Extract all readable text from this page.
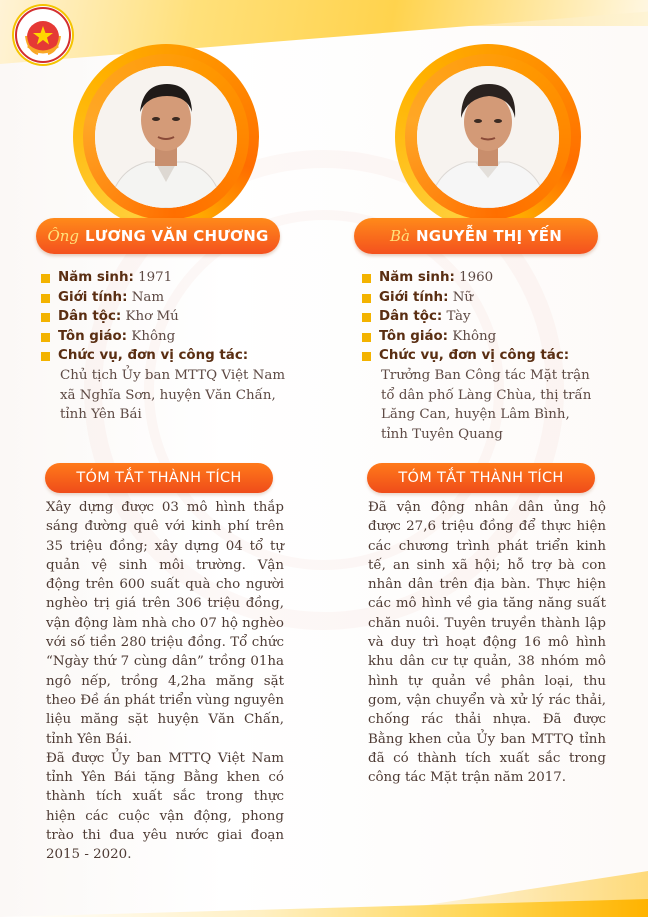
Ông LƯƠNG VĂN CHƯƠNG
Năm sinh: 1971
Giới tính: Nam
Dân tộc: Khơ Mú
Tôn giáo: Không
Chức vụ, đơn vị công tác:
Chủ tịch Ủy ban MTTQ Việt Nam
xã Nghĩa Sơn, huyện Văn Chấn,
tỉnh Yên Bái
TÓM TẮT THÀNH TÍCH

Xây dựng được 03 mô hình thắp sáng đường quê với kinh phí trên 35 triệu đồng; xây dựng 04 tổ tự quản vệ sinh môi trường. Vận động trên 600 suất quà cho người nghèo trị giá trên 306 triệu đồng, vận động làm nhà cho 07 hộ nghèo với số tiền 280 triệu đồng. Tổ chức “Ngày thứ 7 cùng dân” trồng 01ha ngô nếp, trồng 4,2ha măng sặt theo Đề án phát triển vùng nguyên liệu măng sặt huyện Văn Chấn, tỉnh Yên Bái.

Đã được Ủy ban MTTQ Việt Nam tỉnh Yên Bái tặng Bằng khen có thành tích xuất sắc trong thực hiện các cuộc vận động, phong trào thi đua yêu nước giai đoạn 2015 - 2020.

Bà NGUYỄN THỊ YẾN
Năm sinh: 1960
Giới tính: Nữ
Dân tộc: Tày
Tôn giáo: Không
Chức vụ, đơn vị công tác:
Trưởng Ban Công tác Mặt trận
tổ dân phố Làng Chùa, thị trấn
Lăng Can, huyện Lâm Bình,
tỉnh Tuyên Quang
TÓM TẮT THÀNH TÍCH

Đã vận động nhân dân ủng hộ được 27,6 triệu đồng để thực hiện các chương trình phát triển kinh tế, an sinh xã hội; hỗ trợ bà con nhân dân trên địa bàn. Thực hiện các mô hình về gia tăng năng suất chăn nuôi. Tuyên truyền thành lập và duy trì hoạt động 16 mô hình khu dân cư tự quản, 38 nhóm mô hình tự quản về phân loại, thu gom, vận chuyển và xử lý rác thải, chống rác thải nhựa. Đã được Bằng khen của Ủy ban MTTQ tỉnh đã có thành tích xuất sắc trong công tác Mặt trận năm 2017.
